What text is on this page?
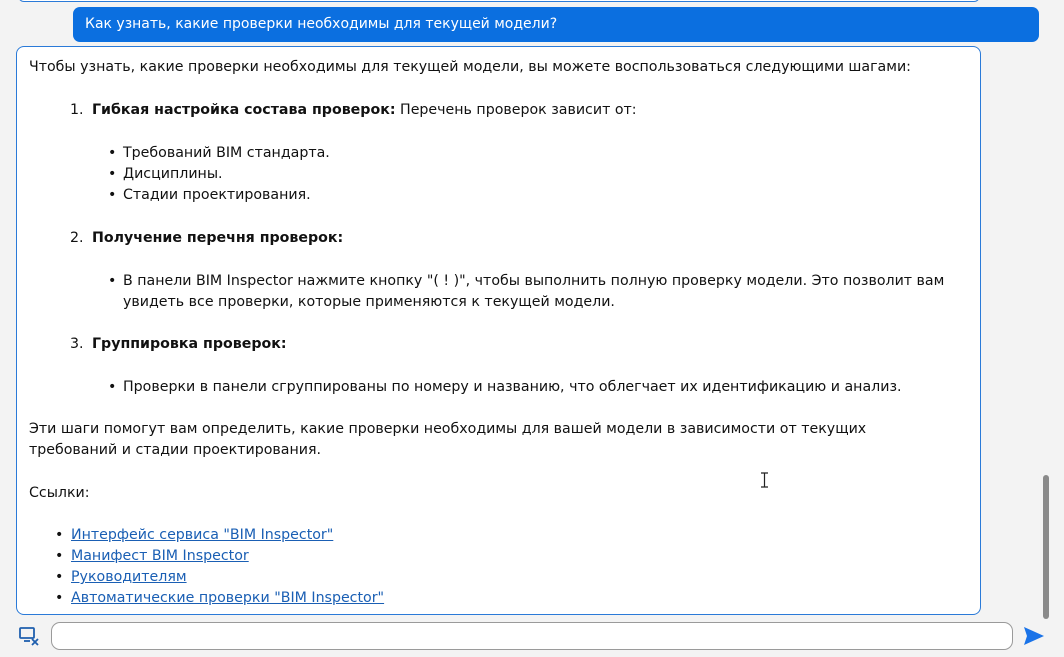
Как узнать, какие проверки необходимы для текущей модели?

Чтобы узнать, какие проверки необходимы для текущей модели, вы можете воспользоваться следующими шагами:

1. Гибкая настройка состава проверок: Перечень проверок зависит от:
• Требований BIM стандарта.
• Дисциплины.
• Стадии проектирования.
2. Получение перечня проверок:
• В панели BIM Inspector нажмите кнопку "( ! )", чтобы выполнить полную проверку модели. Это позволит вам увидеть все проверки, которые применяются к текущей модели.
3. Группировка проверок:
• Проверки в панели сгруппированы по номеру и названию, что облегчает их идентификацию и анализ.

Эти шаги помогут вам определить, какие проверки необходимы для вашей модели в зависимости от текущих требований и стадии проектирования.

Ссылки:

• Интерфейс сервиса "BIM Inspector"
• Манифест BIM Inspector
• Руководителям
• Автоматические проверки "BIM Inspector"
